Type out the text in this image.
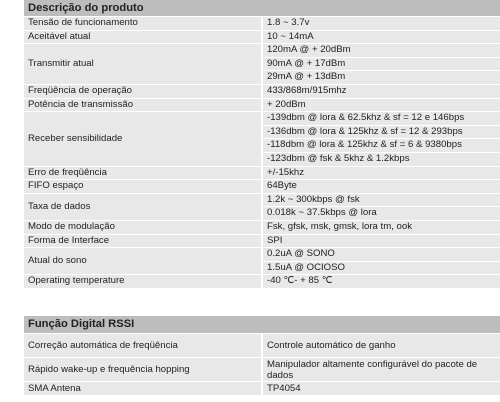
Descrição do produto	
Tensão de funcionamento	1.8 ~ 3.7v
Aceitável atual	10 ~ 14mA
Transmitir atual	120mA @ + 20dBm
	90mA @ + 17dBm
	29mA @ + 13dBm
Freqüência de operação	433/868m/915mhz
Potência de transmissão	+ 20dBm
Receber sensibilidade	-139dbm @ lora & 62.5khz & sf = 12 e 146bps
	-136dbm @ lora & 125khz & sf = 12 & 293bps
	-118dbm @ lora & 125khz & sf = 6 & 9380bps
	-123dbm @ fsk & 5khz & 1.2kbps
Erro de freqüência	+/-15khz
FIFO espaço	64Byte
Taxa de dados	1.2k ~ 300kbps @ fsk
	0.018k ~ 37.5kbps @ lora
Modo de modulação	Fsk, gfsk, msk, gmsk, lora tm, ook
Forma de Interface	SPI
Atual do sono	0.2uA @ SONO
	1.5uA @ OCIOSO
Operating temperature	-40 ℃- + 85 ℃
Função Digital RSSI	
Correção automática de freqüência	Controle automático de ganho
Rápido wake-up e frequência hopping	Manipulador altamente configurável do pacote de dados
SMA Antena	TP4054
